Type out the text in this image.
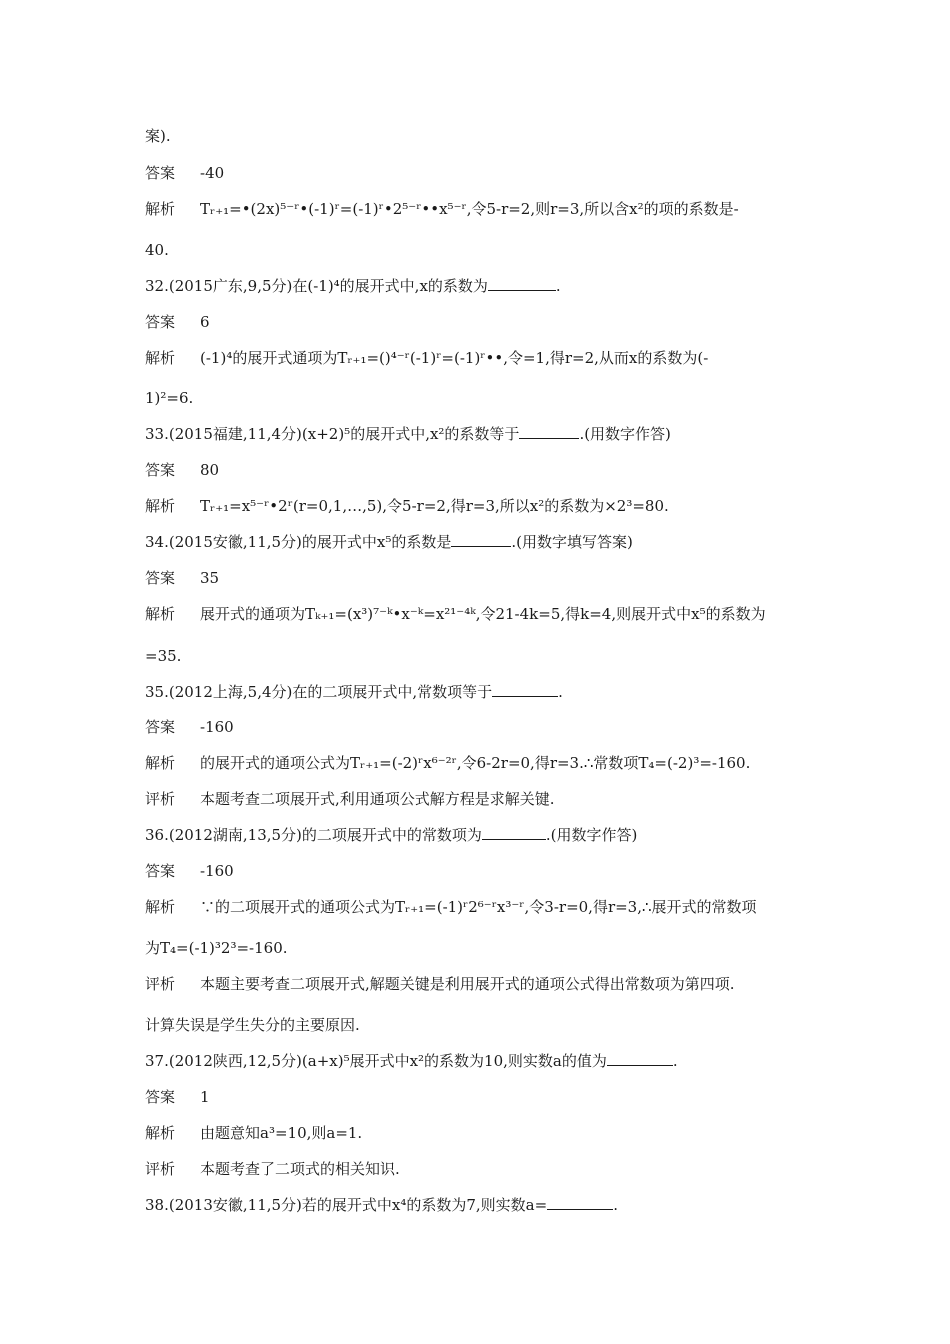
案).
答案 -40
解析 Tᵣ₊₁=•(2x)⁵⁻ʳ•(-1)ʳ=(-1)ʳ•2⁵⁻ʳ••x⁵⁻ʳ,令5-r=2,则r=3,所以含x²的项的系数是-
40.
32.(2015广东,9,5分)在(-1)⁴的展开式中,x的系数为	.
答案 6
解析 (-1)⁴的展开式通项为Tᵣ₊₁=()⁴⁻ʳ(-1)ʳ=(-1)ʳ••,令=1,得r=2,从而x的系数为(-
1)²=6.
33.(2015福建,11,4分)(x+2)⁵的展开式中,x²的系数等于	.(用数字作答)
答案 80
解析 Tᵣ₊₁=x⁵⁻ʳ•2ʳ(r=0,1,…,5),令5-r=2,得r=3,所以x²的系数为×2³=80.
34.(2015安徽,11,5分)的展开式中x⁵的系数是	.(用数字填写答案)
答案 35
解析 展开式的通项为Tₖ₊₁=(x³)⁷⁻ᵏ•x⁻ᵏ=x²¹⁻⁴ᵏ,令21-4k=5,得k=4,则展开式中x⁵的系数为
=35.
35.(2012上海,5,4分)在的二项展开式中,常数项等于	.
答案 -160
解析 的展开式的通项公式为Tᵣ₊₁=(-2)ʳx⁶⁻²ʳ,令6-2r=0,得r=3.∴常数项T₄=(-2)³=-160.
评析 本题考查二项展开式,利用通项公式解方程是求解关键.
36.(2012湖南,13,5分)的二项展开式中的常数项为	.(用数字作答)
答案 -160
解析 ∵的二项展开式的通项公式为Tᵣ₊₁=(-1)ʳ2⁶⁻ʳx³⁻ʳ,令3-r=0,得r=3,∴展开式的常数项
为T₄=(-1)³2³=-160.
评析 本题主要考查二项展开式,解题关键是利用展开式的通项公式得出常数项为第四项.
计算失误是学生失分的主要原因.
37.(2012陕西,12,5分)(a+x)⁵展开式中x²的系数为10,则实数a的值为	.
答案 1
解析 由题意知a³=10,则a=1.
评析 本题考查了二项式的相关知识.
38.(2013安徽,11,5分)若的展开式中x⁴的系数为7,则实数a=	.
